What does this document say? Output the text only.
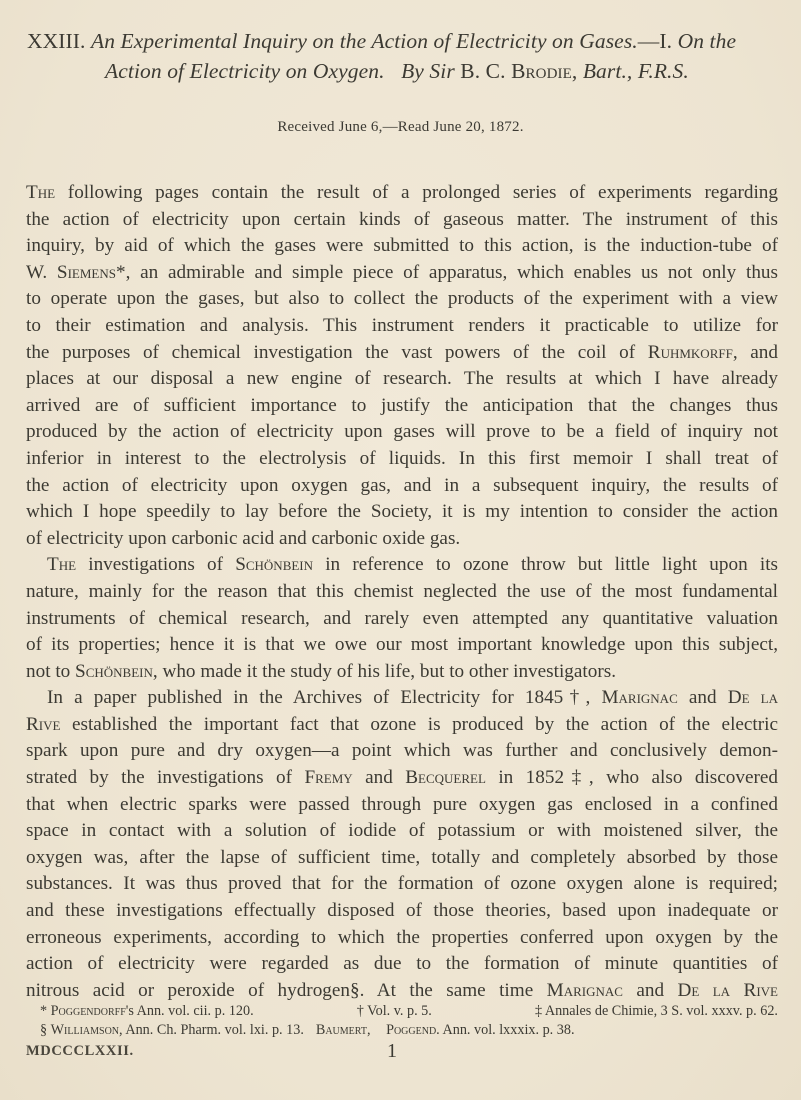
XXIII. An Experimental Inquiry on the Action of Electricity on Gases.—I. On the
Action of Electricity on Oxygen. By Sir B. C. Brodie, Bart., F.R.S.
Received June 6,—Read June 20, 1872.
The following pages contain the result of a prolonged series of experiments regarding
the action of electricity upon certain kinds of gaseous matter. The instrument of this
inquiry, by aid of which the gases were submitted to this action, is the induction-tube of
W. Siemens*, an admirable and simple piece of apparatus, which enables us not only thus
to operate upon the gases, but also to collect the products of the experiment with a view
to their estimation and analysis. This instrument renders it practicable to utilize for
the purposes of chemical investigation the vast powers of the coil of Ruhmkorff, and
places at our disposal a new engine of research. The results at which I have already
arrived are of sufficient importance to justify the anticipation that the changes thus
produced by the action of electricity upon gases will prove to be a field of inquiry not
inferior in interest to the electrolysis of liquids. In this first memoir I shall treat of
the action of electricity upon oxygen gas, and in a subsequent inquiry, the results of
which I hope speedily to lay before the Society, it is my intention to consider the action
of electricity upon carbonic acid and carbonic oxide gas.
The investigations of Schönbein in reference to ozone throw but little light upon its
nature, mainly for the reason that this chemist neglected the use of the most fundamental
instruments of chemical research, and rarely even attempted any quantitative valuation
of its properties; hence it is that we owe our most important knowledge upon this subject,
not to Schönbein, who made it the study of his life, but to other investigators.
In a paper published in the Archives of Electricity for 1845†, Marignac and De la
Rive established the important fact that ozone is produced by the action of the electric
spark upon pure and dry oxygen—a point which was further and conclusively demon-
strated by the investigations of Fremy and Becquerel in 1852‡, who also discovered
that when electric sparks were passed through pure oxygen gas enclosed in a confined
space in contact with a solution of iodide of potassium or with moistened silver, the
oxygen was, after the lapse of sufficient time, totally and completely absorbed by those
substances. It was thus proved that for the formation of ozone oxygen alone is required;
and these investigations effectually disposed of those theories, based upon inadequate or
erroneous experiments, according to which the properties conferred upon oxygen by the
action of electricity were regarded as due to the formation of minute quantities of
nitrous acid or peroxide of hydrogen§. At the same time Marignac and De la Rive
* Poggendorff's Ann. vol. cii. p. 120.	† Vol. v. p. 5.	‡ Annales de Chimie, 3 S. vol. xxxv. p. 62.
§ Williamson, Ann. Ch. Pharm. vol. lxi. p. 13. Baumert, Poggend. Ann. vol. lxxxix. p. 38.
MDCCCLXXII.	1
